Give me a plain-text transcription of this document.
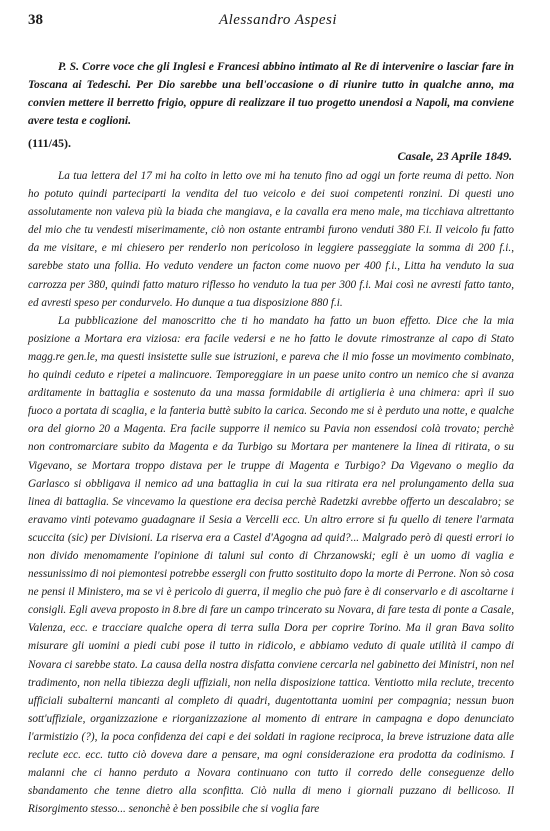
38	Alessandro Aspesi

P. S. Corre voce che gli Inglesi e Francesi abbino intimato al Re di intervenire o lasciar fare in Toscana ai Tedeschi. Per Dio sarebbe una bell'occasione o di riunire tutto in qualche anno, ma convien mettere il berretto frigio, oppure di realizzare il tuo progetto unendosi a Napoli, ma conviene avere testa e coglioni.

(111/45).
Casale, 23 Aprile 1849.

La tua lettera del 17 mi ha colto in letto ove mi ha tenuto fino ad oggi un forte reuma di petto. Non ho potuto quindi parteciparti la vendita del tuo veicolo e dei suoi competenti ronzini. Di questi uno assolutamente non valeva più la biada che mangiava, e la cavalla era meno male, ma ticchiava altrettanto del mio che tu vendesti miserimamente, ciò non ostante entrambi furono venduti 380 F.i. Il veicolo fu fatto da me visitare, e mi chiesero per renderlo non pericoloso in leggiere passeggiate la somma di 200 f.i., sarebbe stato una follia. Ho veduto vendere un facton come nuovo per 400 f.i., Litta ha venduto la sua carrozza per 380, quindi fatto maturo riflesso ho venduto la tua per 300 f.i. Mai così ne avresti fatto tanto, ed avresti speso per condurvelo. Ho dunque a tua disposizione 880 f.i.

La pubblicazione del manoscritto che ti ho mandato ha fatto un buon effetto. Dice che la mia posizione a Mortara era viziosa: era facile vedersi e ne ho fatto le dovute rimostranze al capo di Stato magg.re gen.le, ma questi insistette sulle sue istruzioni, e pareva che il mio fosse un movimento combinato, ho quindi ceduto e ripetei a malincuore. Temporeggiare in un paese unito contro un nemico che si avanza arditamente in battaglia e sostenuto da una massa formidabile di artiglieria è una chimera: aprì il suo fuoco a portata di scaglia, e la fanteria buttè subito la carica. Secondo me si è perduto una notte, e qualche ora del giorno 20 a Magenta. Era facile supporre il nemico su Pavia non essendosi colà trovato; perchè non contromarciare subito da Magenta e da Turbigo su Mortara per mantenere la linea di ritirata, o su Vigevano, se Mortara troppo distava per le truppe di Magenta e Turbigo? Da Vigevano o meglio da Garlasco si obbligava il nemico ad una battaglia in cui la sua ritirata era nel prolungamento della sua linea di battaglia. Se vincevamo la questione era decisa perchè Radetzki avrebbe offerto un descalabro; se eravamo vinti potevamo guadagnare il Sesia a Vercelli ecc. Un altro errore si fu quello di tenere l'armata scuccita (sic) per Divisioni. La riserva era a Castel d'Agogna ad quid?... Malgrado però di questi errori io non divido menomamente l'opinione di taluni sul conto di Chrzanowski; egli è un uomo di vaglia e nessunissimo di noi piemontesi potrebbe essergli con frutto sostituito dopo la morte di Perrone. Non sò cosa ne pensi il Ministero, ma se vi è pericolo di guerra, il meglio che può fare è di conservarlo e di ascoltarne i consigli. Egli aveva proposto in 8.bre di fare un campo trincerato su Novara, di fare testa di ponte a Casale, Valenza, ecc. e tracciare qualche opera di terra sulla Dora per coprire Torino. Ma il gran Bava solito misurare gli uomini a piedi cubi pose il tutto in ridicolo, e abbiamo veduto di quale utilità il campo di Novara ci sarebbe stato. La causa della nostra disfatta conviene cercarla nel gabinetto dei Ministri, non nel tradimento, non nella tibiezza degli uffiziali, non nella disposizione tattica. Ventiotto mila reclute, trecento ufficiali subalterni mancanti al completo di quadri, dugentottanta uomini per compagnia; nessun buon sott'uffiziale, organizzazione e riorganizzazione al momento di entrare in campagna e dopo denunciato l'armistizio (?), la poca confidenza dei capi e dei soldati in ragione reciproca, la breve istruzione data alle reclute ecc. ecc. tutto ciò doveva dare a pensare, ma ogni considerazione era prodotta da codinismo. I malanni che ci hanno perduto a Novara continuano con tutto il corredo delle conseguenze dello sbandamento che tenne dietro alla sconfitta. Ciò nulla di meno i giornali puzzano di bellicoso. Il Risorgimento stesso... senonchè è ben possibile che si voglia fare
